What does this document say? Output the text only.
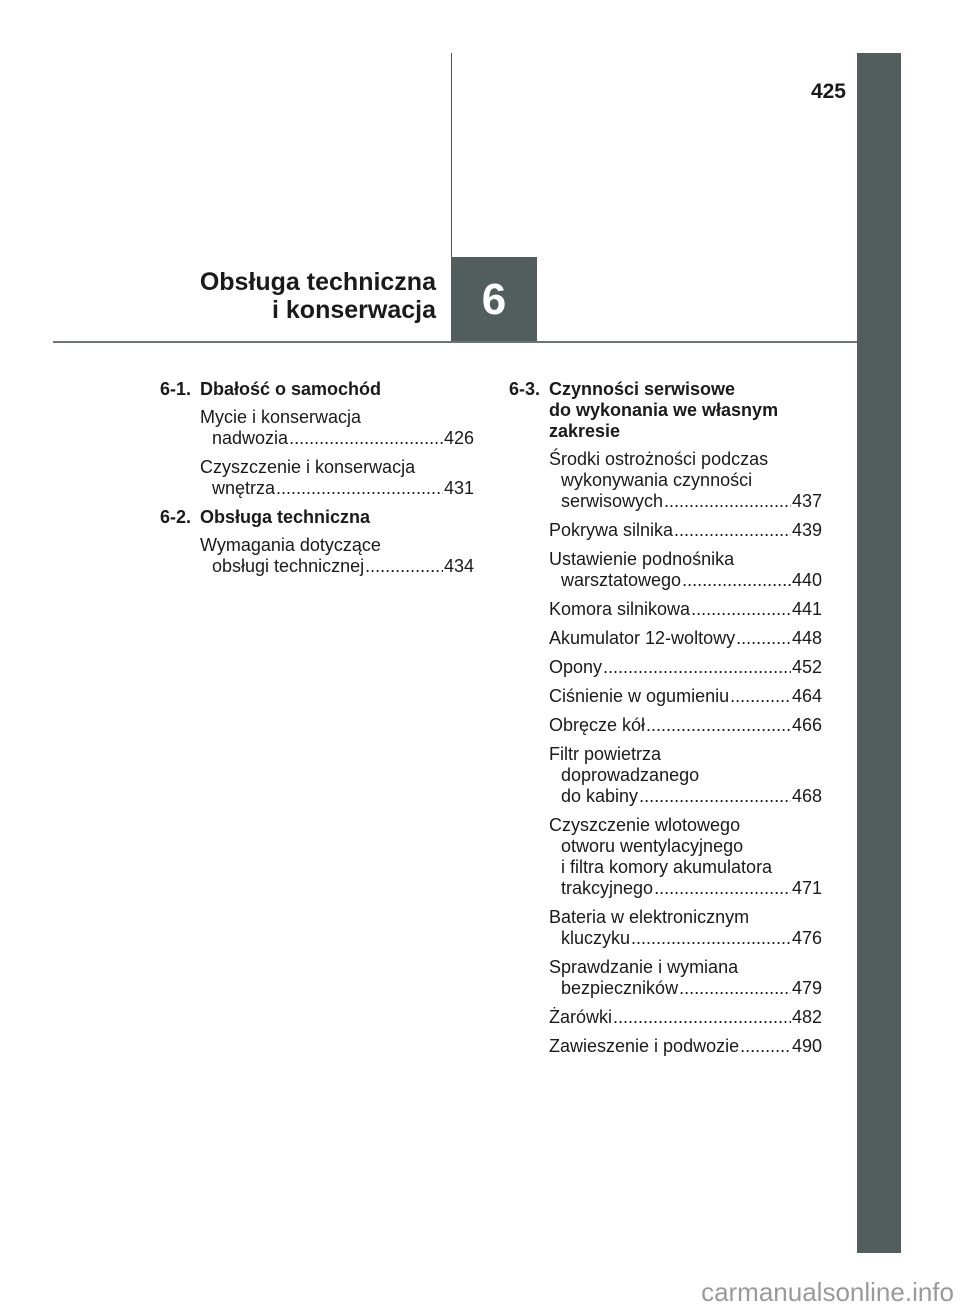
425
Obsługa techniczna
i konserwacja	6
6-1. Dbałość o samochód
Mycie i konserwacja
nadwozia .....	426
Czyszczenie i konserwacja
wnętrza .....	431
6-2. Obsługa techniczna
Wymagania dotyczące
obsługi technicznej .....	434
6-3. Czynności serwisowe
do wykonania we własnym
zakresie
Środki ostrożności podczas
wykonywania czynności
serwisowych .....	437
Pokrywa silnika .....	439
Ustawienie podnośnika
warsztatowego .....	440
Komora silnikowa .....	441
Akumulator 12-woltowy .....	448
Opony .....	452
Ciśnienie w ogumieniu .....	464
Obręcze kół .....	466
Filtr powietrza
doprowadzanego
do kabiny .....	468
Czyszczenie wlotowego
otworu wentylacyjnego
i filtra komory akumulatora
trakcyjnego .....	471
Bateria w elektronicznym
kluczyku .....	476
Sprawdzanie i wymiana
bezpieczników .....	479
Żarówki .....	482
Zawieszenie i podwozie .....	490
carmanualsonline.info
